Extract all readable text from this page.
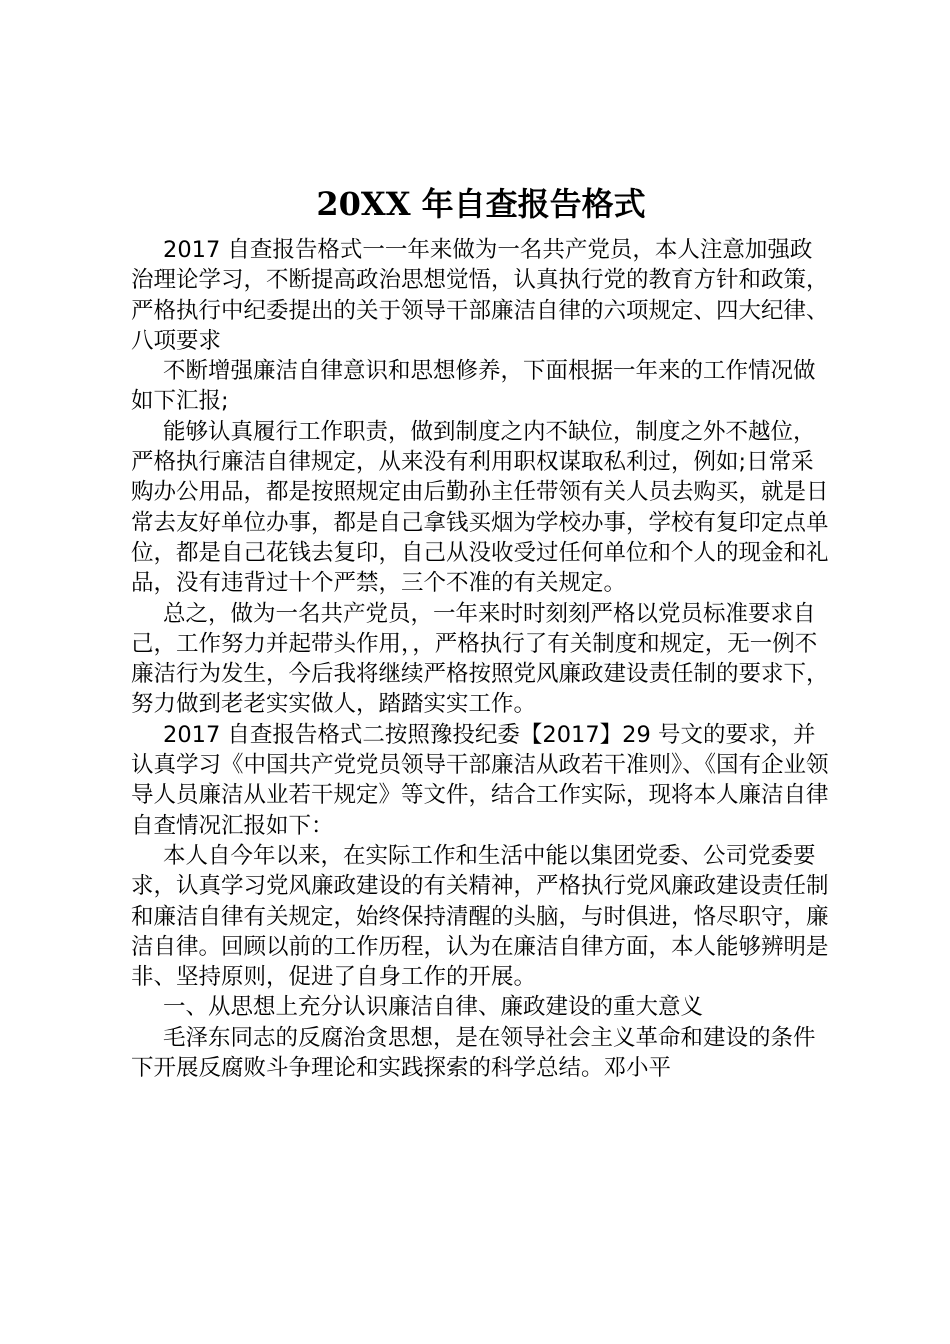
20XX 年自查报告格式

2017 自查报告格式一一年来做为一名共产党员，本人注意加强政治理论学习，不断提高政治思想觉悟，认真执行党的教育方针和政策，严格执行中纪委提出的关于领导干部廉洁自律的六项规定、四大纪律、八项要求

不断增强廉洁自律意识和思想修养，下面根据一年来的工作情况做如下汇报;

能够认真履行工作职责，做到制度之内不缺位，制度之外不越位，严格执行廉洁自律规定，从来没有利用职权谋取私利过，例如;日常采购办公用品，都是按照规定由后勤孙主任带领有关人员去购买，就是日常去友好单位办事，都是自己拿钱买烟为学校办事，学校有复印定点单位，都是自己花钱去复印，自己从没收受过任何单位和个人的现金和礼品，没有违背过十个严禁，三个不准的有关规定。

总之，做为一名共产党员，一年来时时刻刻严格以党员标准要求自己，工作努力并起带头作用，，严格执行了有关制度和规定，无一例不廉洁行为发生，今后我将继续严格按照党风廉政建设责任制的要求下，努力做到老老实实做人，踏踏实实工作。

2017 自查报告格式二按照豫投纪委【2017】29 号文的要求，并认真学习《中国共产党党员领导干部廉洁从政若干准则》、《国有企业领导人员廉洁从业若干规定》等文件，结合工作实际，现将本人廉洁自律自查情况汇报如下：

本人自今年以来，在实际工作和生活中能以集团党委、公司党委要求，认真学习党风廉政建设的有关精神，严格执行党风廉政建设责任制和廉洁自律有关规定，始终保持清醒的头脑，与时俱进，恪尽职守，廉洁自律。回顾以前的工作历程，认为在廉洁自律方面，本人能够辨明是非、坚持原则，促进了自身工作的开展。

一、从思想上充分认识廉洁自律、廉政建设的重大意义

毛泽东同志的反腐治贪思想，是在领导社会主义革命和建设的条件下开展反腐败斗争理论和实践探索的科学总结。邓小平
